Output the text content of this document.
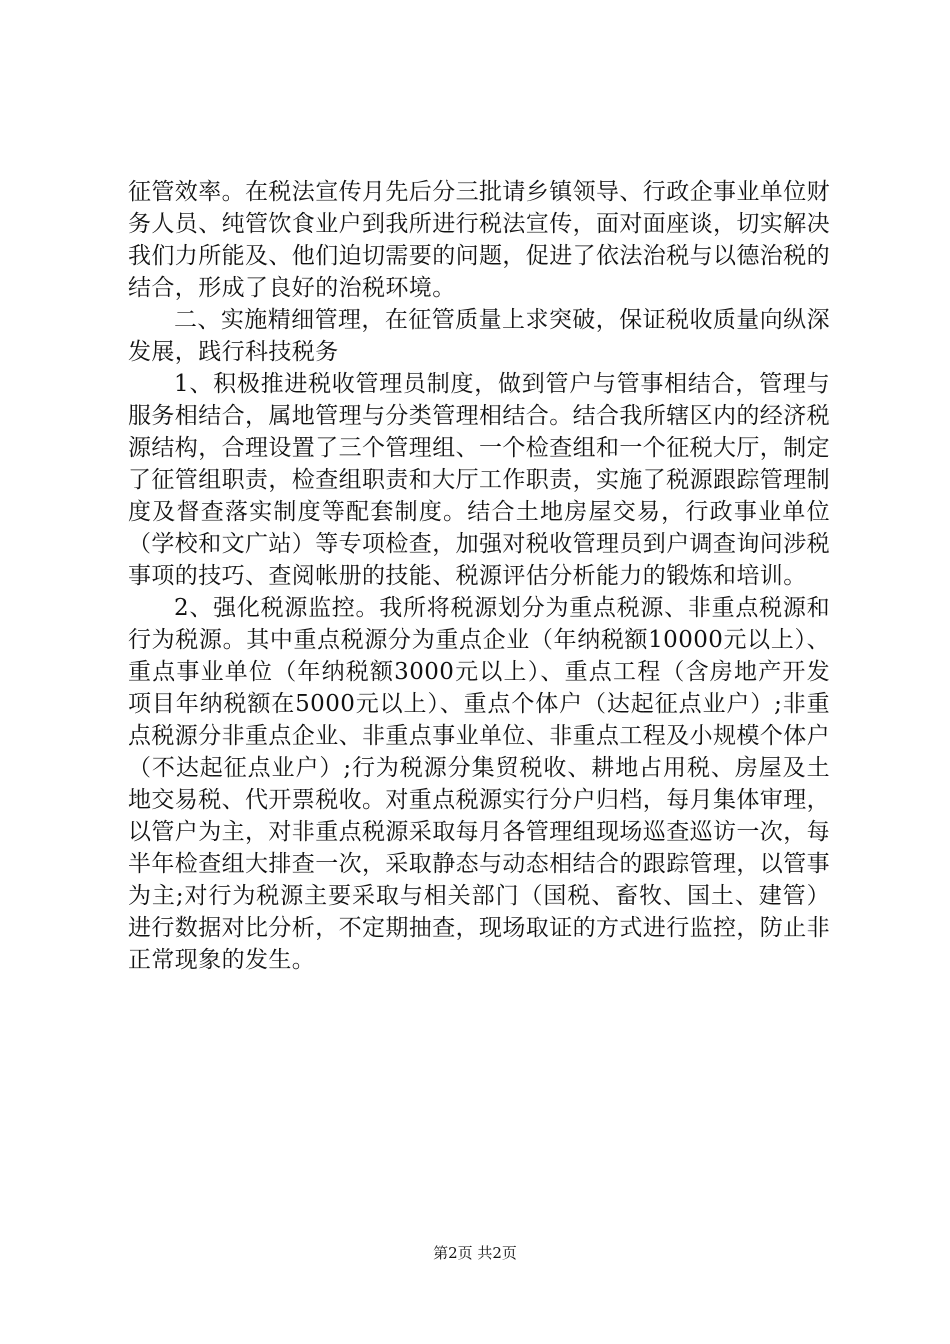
征管效率。在税法宣传月先后分三批请乡镇领导、行政企事业单位财务人员、纯管饮食业户到我所进行税法宣传，面对面座谈，切实解决我们力所能及、他们迫切需要的问题，促进了依法治税与以德治税的结合，形成了良好的治税环境。

二、实施精细管理，在征管质量上求突破，保证税收质量向纵深发展，践行科技税务

1、积极推进税收管理员制度，做到管户与管事相结合，管理与服务相结合，属地管理与分类管理相结合。结合我所辖区内的经济税源结构，合理设置了三个管理组、一个检查组和一个征税大厅，制定了征管组职责，检查组职责和大厅工作职责，实施了税源跟踪管理制度及督查落实制度等配套制度。结合土地房屋交易，行政事业单位（学校和文广站）等专项检查，加强对税收管理员到户调查询问涉税事项的技巧、查阅帐册的技能、税源评估分析能力的锻炼和培训。

2、强化税源监控。我所将税源划分为重点税源、非重点税源和行为税源。其中重点税源分为重点企业（年纳税额10000元以上）、重点事业单位（年纳税额3000元以上）、重点工程（含房地产开发项目年纳税额在5000元以上）、重点个体户（达起征点业户）;非重点税源分非重点企业、非重点事业单位、非重点工程及小规模个体户（不达起征点业户）;行为税源分集贸税收、耕地占用税、房屋及土地交易税、代开票税收。对重点税源实行分户归档，每月集体审理，以管户为主，对非重点税源采取每月各管理组现场巡查巡访一次，每半年检查组大排查一次，采取静态与动态相结合的跟踪管理，以管事为主;对行为税源主要采取与相关部门（国税、畜牧、国土、建管）进行数据对比分析，不定期抽查，现场取证的方式进行监控，防止非正常现象的发生。

第2页 共2页
